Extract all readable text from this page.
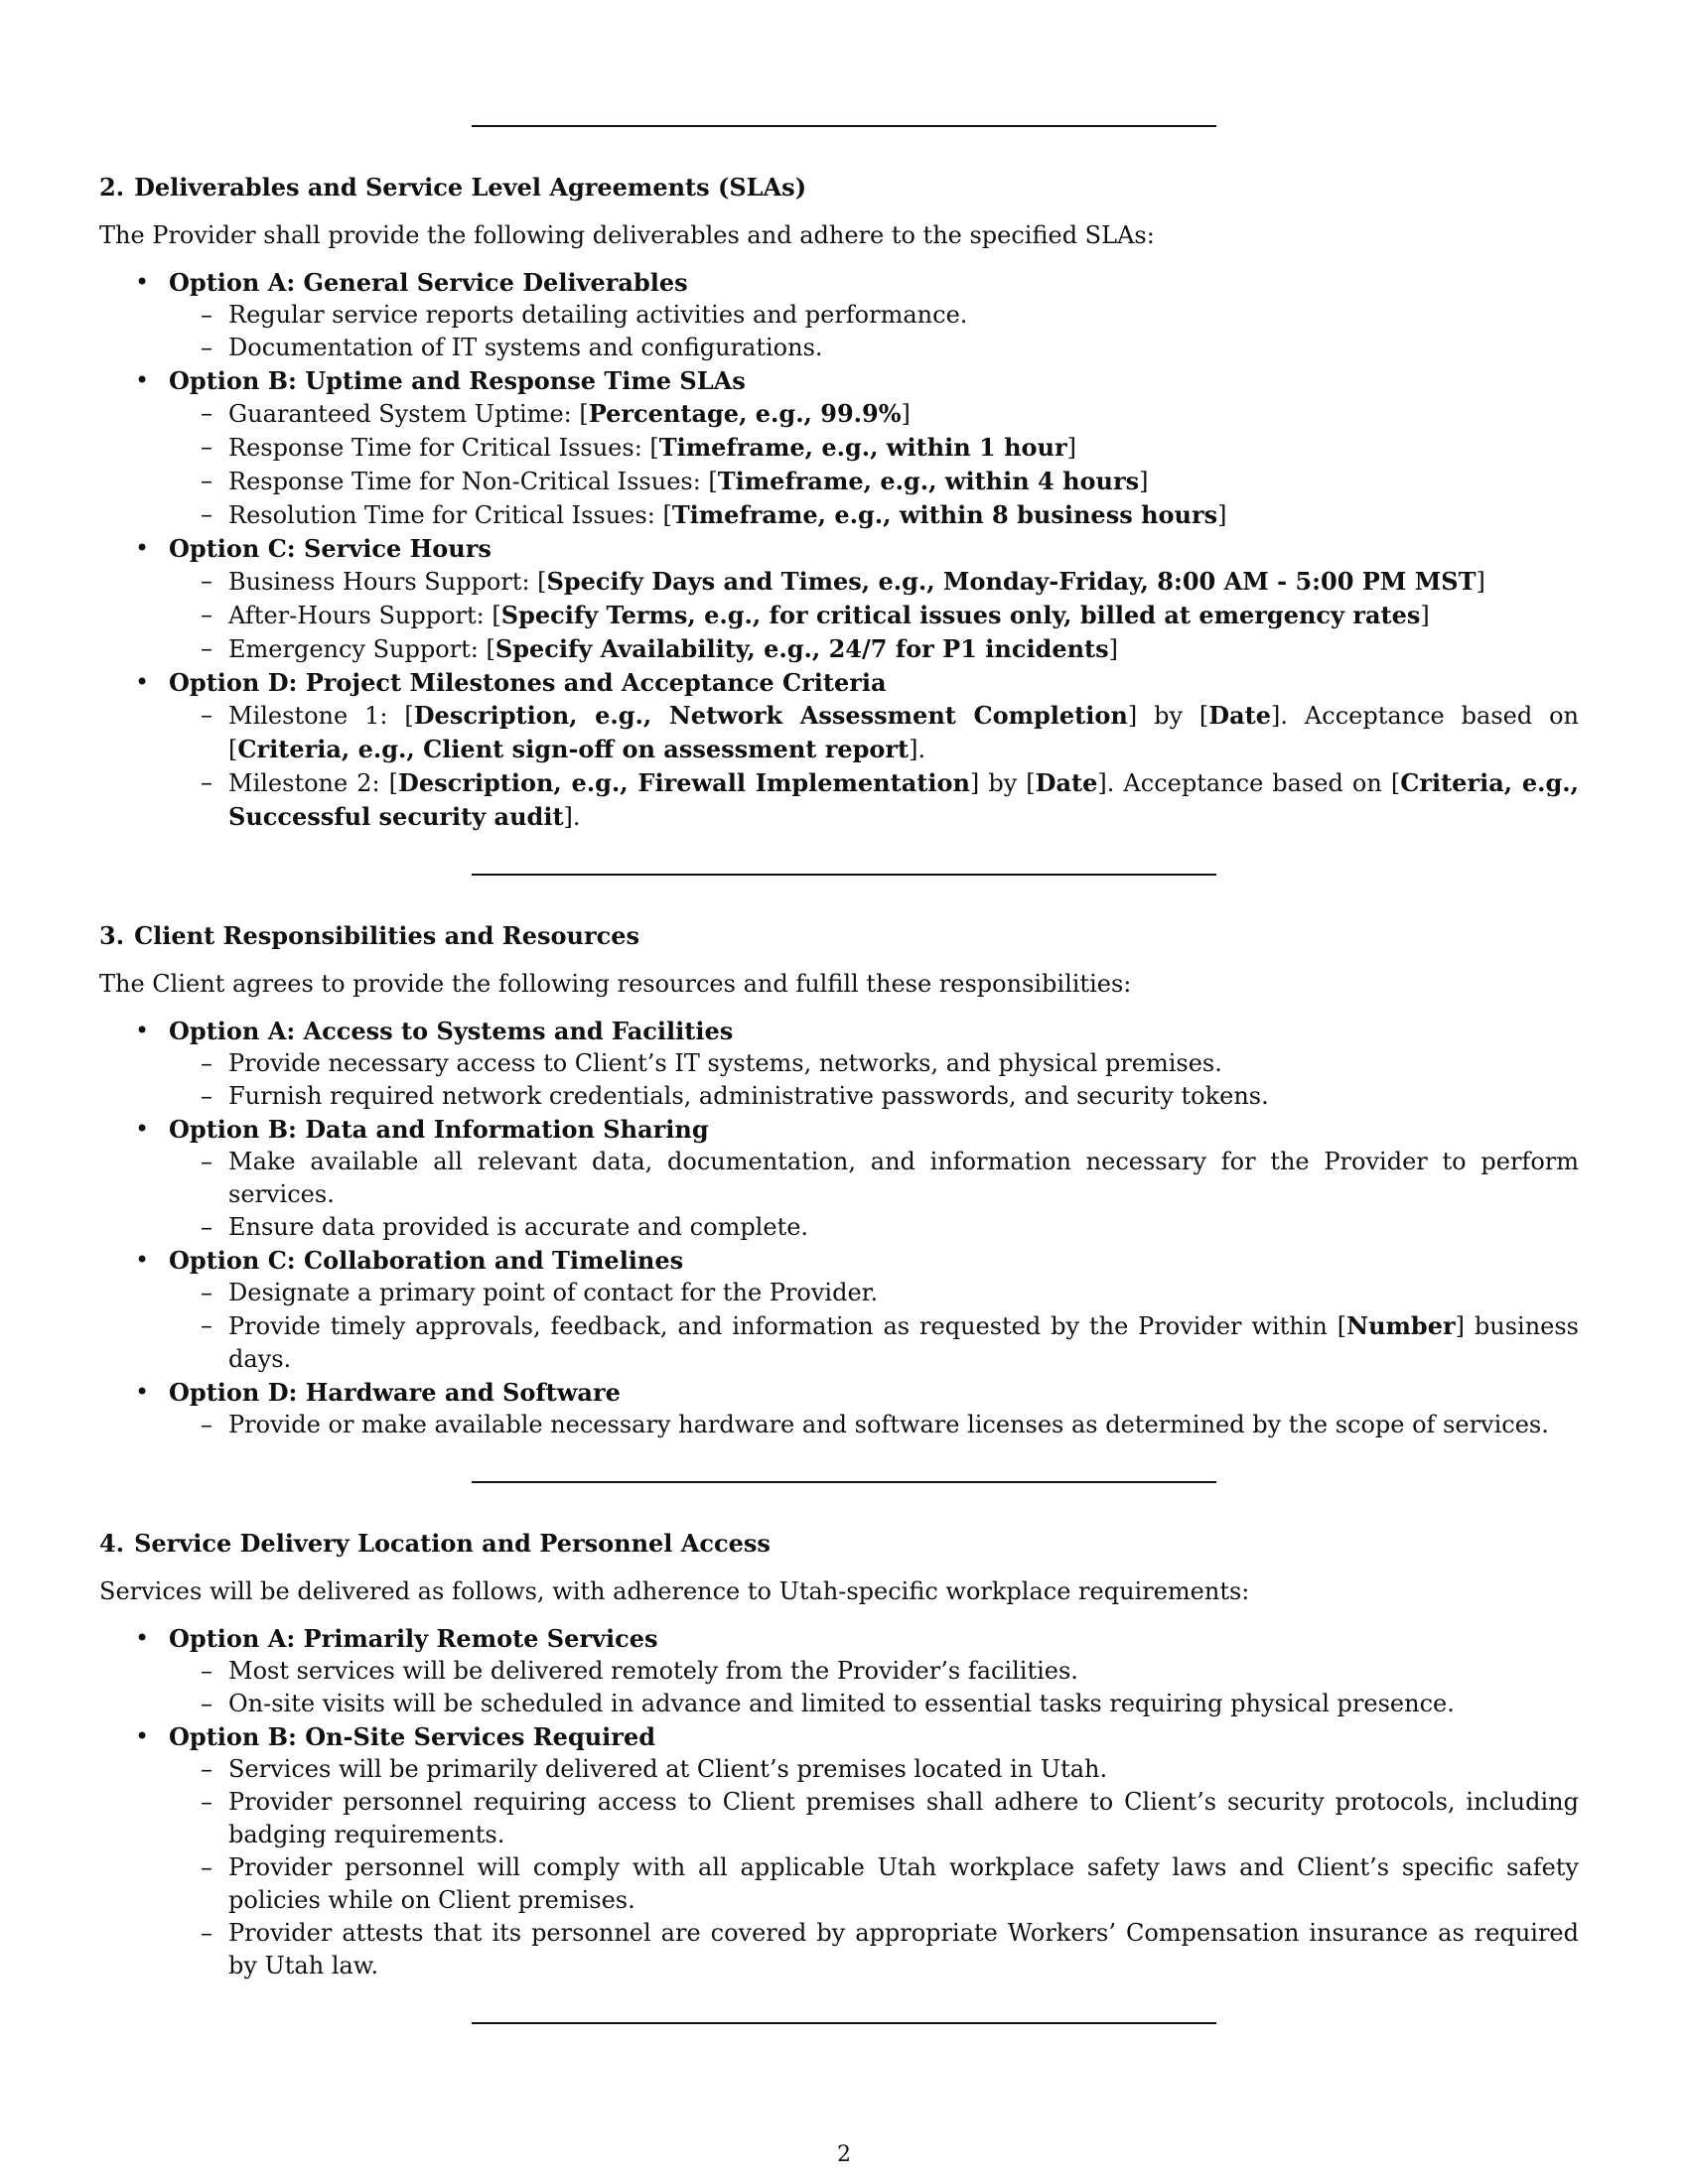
2. Deliverables and Service Level Agreements (SLAs)

The Provider shall provide the following deliverables and adhere to the specified SLAs:

• Option A: General Service Deliverables
– Regular service reports detailing activities and performance.
– Documentation of IT systems and configurations.
• Option B: Uptime and Response Time SLAs
– Guaranteed System Uptime: [Percentage, e.g., 99.9%]
– Response Time for Critical Issues: [Timeframe, e.g., within 1 hour]
– Response Time for Non-Critical Issues: [Timeframe, e.g., within 4 hours]
– Resolution Time for Critical Issues: [Timeframe, e.g., within 8 business hours]
• Option C: Service Hours
– Business Hours Support: [Specify Days and Times, e.g., Monday-Friday, 8:00 AM - 5:00 PM MST]
– After-Hours Support: [Specify Terms, e.g., for critical issues only, billed at emergency rates]
– Emergency Support: [Specify Availability, e.g., 24/7 for P1 incidents]
• Option D: Project Milestones and Acceptance Criteria
– Milestone 1: [Description, e.g., Network Assessment Completion] by [Date]. Acceptance based on [Criteria, e.g., Client sign-off on assessment report].
– Milestone 2: [Description, e.g., Firewall Implementation] by [Date]. Acceptance based on [Criteria, e.g., Successful security audit].
3. Client Responsibilities and Resources

The Client agrees to provide the following resources and fulfill these responsibilities:

• Option A: Access to Systems and Facilities
– Provide necessary access to Client’s IT systems, networks, and physical premises.
– Furnish required network credentials, administrative passwords, and security tokens.
• Option B: Data and Information Sharing
– Make available all relevant data, documentation, and information necessary for the Provider to perform services.
– Ensure data provided is accurate and complete.
• Option C: Collaboration and Timelines
– Designate a primary point of contact for the Provider.
– Provide timely approvals, feedback, and information as requested by the Provider within [Number] business days.
• Option D: Hardware and Software
– Provide or make available necessary hardware and software licenses as determined by the scope of services.
4. Service Delivery Location and Personnel Access

Services will be delivered as follows, with adherence to Utah-specific workplace requirements:

• Option A: Primarily Remote Services
– Most services will be delivered remotely from the Provider’s facilities.
– On-site visits will be scheduled in advance and limited to essential tasks requiring physical presence.
• Option B: On-Site Services Required
– Services will be primarily delivered at Client’s premises located in Utah.
– Provider personnel requiring access to Client premises shall adhere to Client’s security protocols, including badging requirements.
– Provider personnel will comply with all applicable Utah workplace safety laws and Client’s specific safety policies while on Client premises.
– Provider attests that its personnel are covered by appropriate Workers’ Compensation insurance as required by Utah law.
2
